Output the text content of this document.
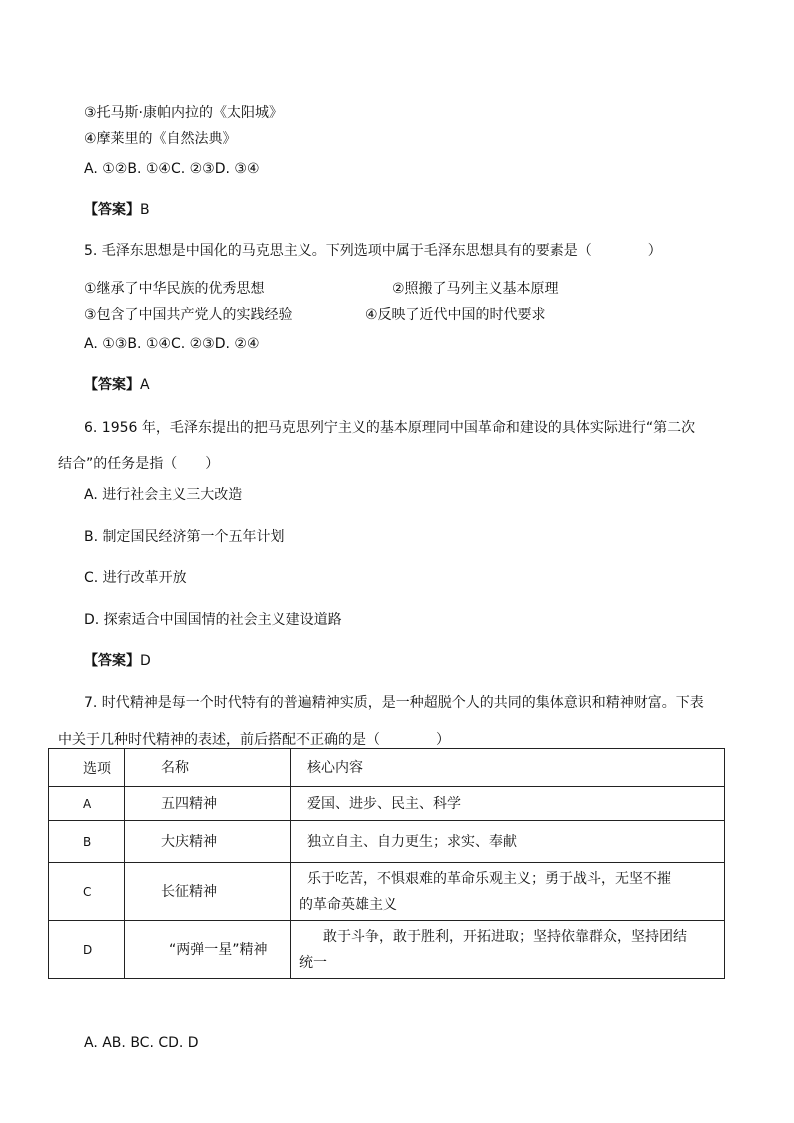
③托马斯·康帕内拉的《太阳城》
④摩莱里的《自然法典》
A. ①②B. ①④C. ②③D. ③④
【答案】B
5. 毛泽东思想是中国化的马克思主义。下列选项中属于毛泽东思想具有的要素是（　　　　）
①继承了中华民族的优秀思想	②照搬了马列主义基本原理
③包含了中国共产党人的实践经验	④反映了近代中国的时代要求
A. ①③B. ①④C. ②③D. ②④
【答案】A
6. 1956 年，毛泽东提出的把马克思列宁主义的基本原理同中国革命和建设的具体实际进行“第二次
结合”的任务是指（　　）
A. 进行社会主义三大改造
B. 制定国民经济第一个五年计划
C. 进行改革开放
D. 探索适合中国国情的社会主义建设道路
【答案】D
7. 时代精神是每一个时代特有的普遍精神实质，是一种超脱个人的共同的集体意识和精神财富。下表
中关于几种时代精神的表述，前后搭配不正确的是（　　　　）
选项	名称	核心内容

A	五四精神	爱国、进步、民主、科学

B	大庆精神	独立自主、自力更生；求实、奉献

C	长征精神	乐于吃苦，不惧艰难的革命乐观主义；勇于战斗，无坚不摧
的革命英雄主义

D	“两弹一星”精神	敢于斗争，敢于胜利，开拓进取；坚持依靠群众，坚持团结
统一
A. AB. BC. CD. D
